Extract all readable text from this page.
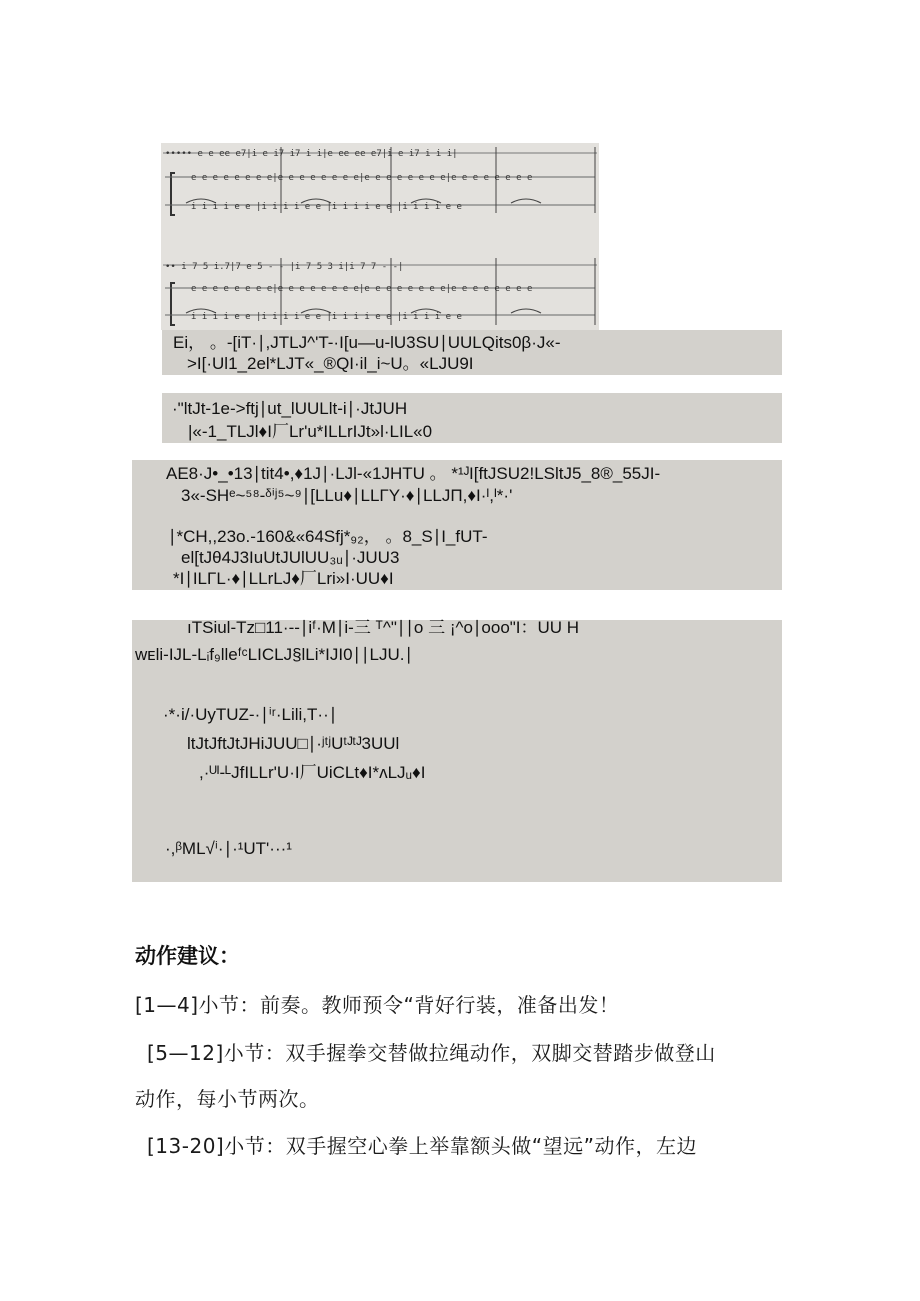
••••• e e ee e7|i e i7 i7 i i|e ee ee e7|i e i7 i i i|
e e e e e e e e|e e e e e e e e|e e e e e e e e|e e e e e e e e
i i i i e e |i i i i e e |i i i i e e |i i i i e e
•• i 7 5 i.7|7 e 5 - - |i 7 5 3 i|i 7 7 - -|
e e e e e e e e|e e e e e e e e|e e e e e e e e|e e e e e e e e
i i i i e e |i i i i e e |i i i i e e |i i i i e e
Ei， 。-[iT·∣,JTLJ^'T-·I[u—u-lU3SU∣UULQits0β·J«-
>I[·Ul1_2el*LJT«_®QI·il_i~U。«LJU9I
·"ltJt-1e->ftj∣ut_lUULlt-i∣·JtJUH
|«-1_TLJl♦I厂Lr'u*ILLrIJt»l·LIL«0
AE8·J•_•13∣tit4•,♦1J∣·LJl-«1JHTU 。 *¹ᴶI[ftJSU2!LSltJ5_8®_55JI-
3«-SHᵉ~⁵⁸-ᵟⁱʲ⁵~⁹∣[LLu♦∣LLΓY·♦∣LLJΠ,♦I·ᴵ,ᴵ*·'
∣*CH,,23o.-160&«64Sfj*₉₂， 。8_S∣I_fUT-
el[tJθ4J3IuUtJUlUU₃ᵤ∣·JUU3
*I∣ILΓL·♦∣LLrLJ♦厂Lri»I·UU♦I
ıTSiul-Tz□11·--∣iᶠ·M∣i-三 ᵀ^"∣∣o 三 ¡^o∣ooo"I：UU H
ᴡᴇli-IJL-Lᵢf₉lleᶠᶜLICLJ§lLi*IJI0∣∣LJU.∣
·*·i/·UyTUZ-·∣ⁱʳ·Lili,T··∣
ltJtJftJtJHiJUU□∣·ʲᵗʲUᵗᴶᵗᴶ3UUl
,·ᵁᴵ-ᴸJfILLr'U·I厂UiCLt♦I*ᴧLJᵤ♦I
·,ᵝML√ⁱ·∣·¹UT'···¹
动作建议：
[1—4]小节：前奏。教师预令“背好行装，准备出发！
[5—12]小节：双手握拳交替做拉绳动作，双脚交替踏步做登山
动作，每小节两次。
[13-20]小节：双手握空心拳上举靠额头做“望远”动作，左边
